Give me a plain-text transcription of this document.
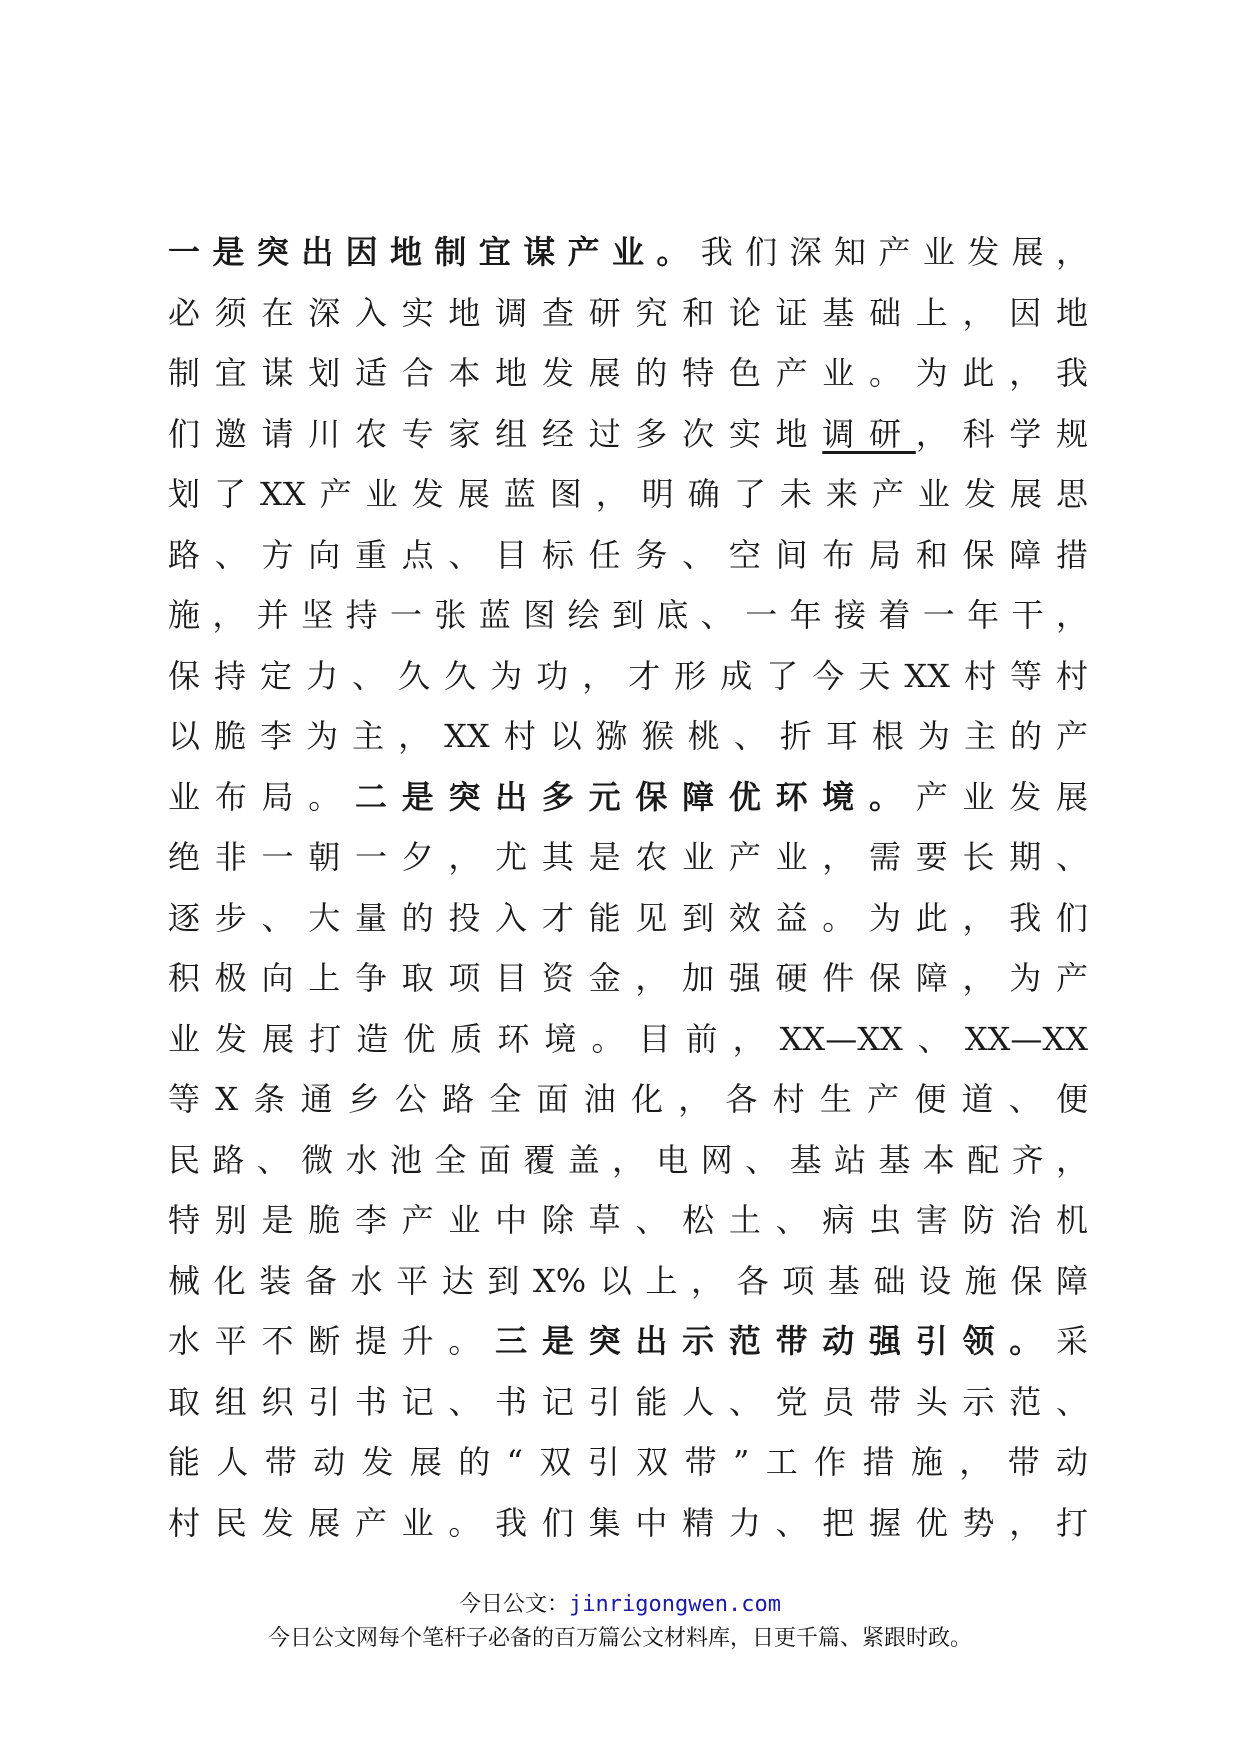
一是突出因地制宜谋产业。我们深知产业发展，
必须在深入实地调查研究和论证基础上，因地
制宜谋划适合本地发展的特色产业。为此，我
们邀请川农专家组经过多次实地调研，科学规
划了XX产业发展蓝图，明确了未来产业发展思
路、方向重点、目标任务、空间布局和保障措
施，并坚持一张蓝图绘到底、一年接着一年干，
保持定力、久久为功，才形成了今天XX村等村
以脆李为主，XX村以猕猴桃、折耳根为主的产
业布局。二是突出多元保障优环境。产业发展
绝非一朝一夕，尤其是农业产业，需要长期、
逐步、大量的投入才能见到效益。为此，我们
积极向上争取项目资金，加强硬件保障，为产
业发展打造优质环境。目前，XX—XX、XX—XX
等X条通乡公路全面油化，各村生产便道、便
民路、微水池全面覆盖，电网、基站基本配齐，
特别是脆李产业中除草、松土、病虫害防治机
械化装备水平达到X%以上，各项基础设施保障
水平不断提升。三是突出示范带动强引领。采
取组织引书记、书记引能人、党员带头示范、
能人带动发展的“双引双带”工作措施，带动
村民发展产业。我们集中精力、把握优势，打
今日公文：jinrigongwen.com
今日公文网每个笔杆子必备的百万篇公文材料库，日更千篇、紧跟时政。
